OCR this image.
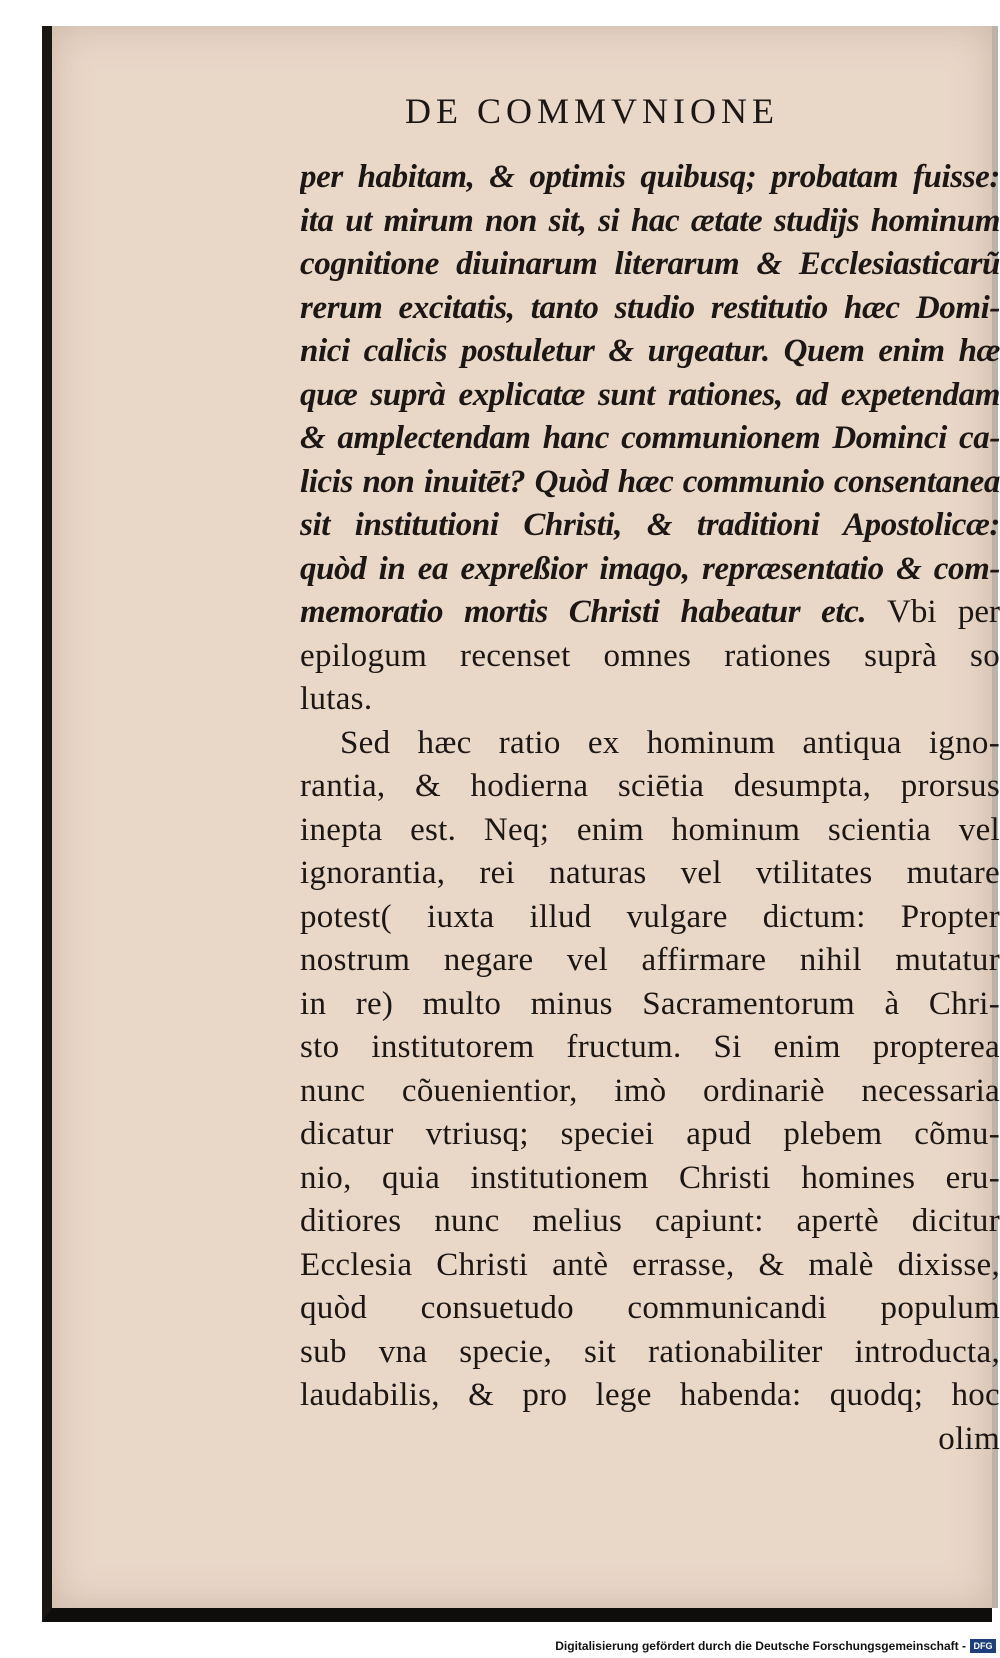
DE COMMVNIONE
per habitam, & optimis quibusq; probatam fuisse:
ita ut mirum non sit, si hac ætate studijs hominum
cognitione diuinarum literarum & Ecclesiasticarũ
rerum excitatis, tanto studio restitutio hæc Domi-
nici calicis postuletur & urgeatur. Quem enim hæ
quæ suprà explicatæ sunt rationes, ad expetendam
& amplectendam hanc communionem Dominci ca-
licis non inuitēt? Quòd hæc communio consentanea
sit institutioni Christi, & traditioni Apostolicæ:
quòd in ea expreßior imago, repræsentatio & com-
memoratio mortis Christi habeatur etc. Vbi per
epilogum recenset omnes rationes suprà so
lutas.
Sed hæc ratio ex hominum antiqua igno-
rantia, & hodierna sciētia desumpta, prorsus
inepta est. Neq; enim hominum scientia vel
ignorantia, rei naturas vel vtilitates mutare
potest( iuxta illud vulgare dictum: Propter
nostrum negare vel affirmare nihil mutatur
in re) multo minus Sacramentorum à Chri-
sto institutorem fructum. Si enim propterea
nunc cõuenientior, imò ordinariè necessaria
dicatur vtriusq; speciei apud plebem cõmu-
nio, quia institutionem Christi homines eru-
ditiores nunc melius capiunt: apertè dicitur
Ecclesia Christi antè errasse, & malè dixisse,
quòd consuetudo communicandi populum
sub vna specie, sit rationabiliter introducta,
laudabilis, & pro lege habenda: quodq; hoc
olim
Digitalisierung gefördert durch die Deutsche Forschungsgemeinschaft - DFG
